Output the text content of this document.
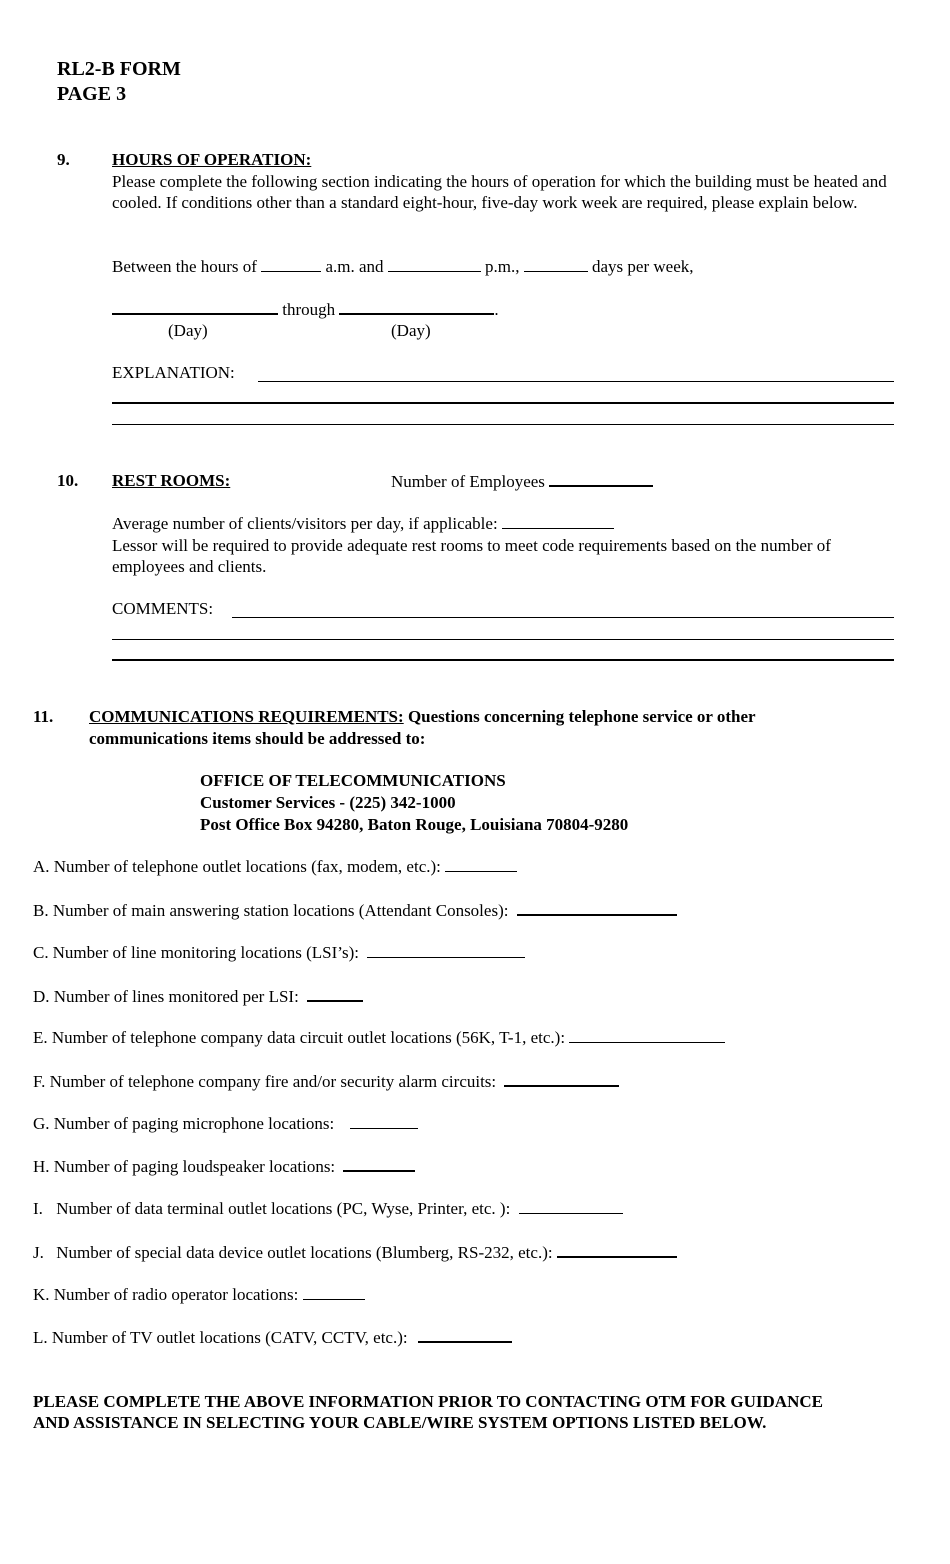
RL2-B FORM
PAGE 3
9. HOURS OF OPERATION:
Please complete the following section indicating the hours of operation for which the building must be heated and cooled. If conditions other than a standard eight-hour, five-day work week are required, please explain below.
Between the hours of	a.m. and	p.m.,	days per week,
through	.
(Day)	(Day)
EXPLANATION:
10. REST ROOMS:	Number of Employees
Average number of clients/visitors per day, if applicable:
Lessor will be required to provide adequate rest rooms to meet code requirements based on the number of employees and clients.
COMMENTS:
11. COMMUNICATIONS REQUIREMENTS: Questions concerning telephone service or other
communications items should be addressed to:
OFFICE OF TELECOMMUNICATIONS
Customer Services - (225) 342-1000
Post Office Box 94280, Baton Rouge, Louisiana 70804-9280
A. Number of telephone outlet locations (fax, modem, etc.):
B. Number of main answering station locations (Attendant Consoles):
C. Number of line monitoring locations (LSI’s):
D. Number of lines monitored per LSI:
E. Number of telephone company data circuit outlet locations (56K, T-1, etc.):
F. Number of telephone company fire and/or security alarm circuits:
G. Number of paging microphone locations:
H. Number of paging loudspeaker locations:
I. Number of data terminal outlet locations (PC, Wyse, Printer, etc. ):
J. Number of special data device outlet locations (Blumberg, RS-232, etc.):
K. Number of radio operator locations:
L. Number of TV outlet locations (CATV, CCTV, etc.):
PLEASE COMPLETE THE ABOVE INFORMATION PRIOR TO CONTACTING OTM FOR GUIDANCE
AND ASSISTANCE IN SELECTING YOUR CABLE/WIRE SYSTEM OPTIONS LISTED BELOW.
